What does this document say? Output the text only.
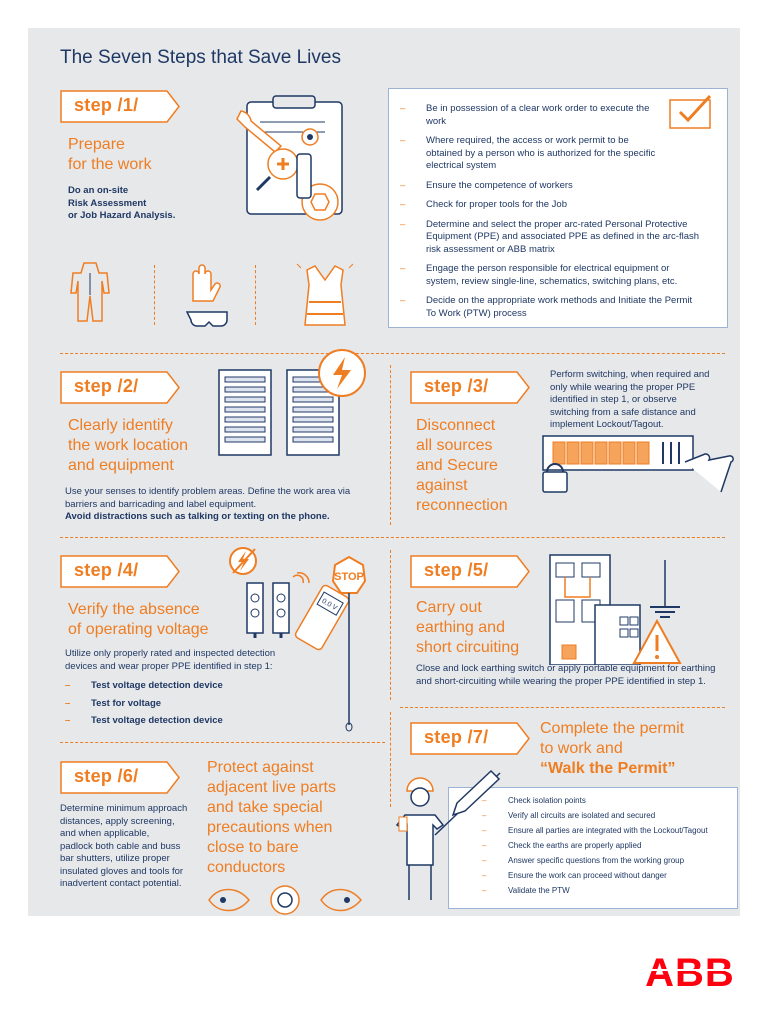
The Seven Steps that Save Lives
step /1/
Prepare
for the work
Do an on-site
Risk Assessment
or Job Hazard Analysis.
– Be in possession of a clear work order to execute the work
– Where required, the access or work permit to be obtained by a person who is authorized for the specific electrical system
– Ensure the competence of workers
– Check for proper tools for the Job
– Determine and select the proper arc-rated Personal Protective Equipment (PPE) and associated PPE as defined in the arc-flash risk assessment or ABB matrix
– Engage the person responsible for electrical equipment or system, review single-line, schematics, switching plans, etc.
– Decide on the appropriate work methods and Initiate the Permit To Work (PTW) process
step /2/
Clearly identify
the work location
and equipment
Use your senses to identify problem areas. Define the work area via barriers and barricading and label equipment.
Avoid distractions such as talking or texting on the phone.
step /3/
Perform switching, when required and only while wearing the proper PPE identified in step 1, or observe switching from a safe distance and implement Lockout/Tagout.
Disconnect
all sources
and Secure
against
reconnection
step /4/
Verify the absence
of operating voltage
Utilize only properly rated and inspected detection devices and wear proper PPE identified in step 1:
– Test voltage detection device
– Test for voltage
– Test voltage detection device
0.0 V
STOP	step /5/
Carry out
earthing and
short circuiting
Close and lock earthing switch or apply portable equipment for earthing and short-circuiting while wearing the proper PPE identified in step 1.
step /6/
Determine minimum approach
distances, apply screening,
and when applicable,
padlock both cable and buss
bar shutters, utilize proper
insulated gloves and tools for
inadvertent contact potential.
Protect against
adjacent live parts
and take special
precautions when
close to bare
conductors
step /7/	Complete the permit
to work and
“Walk the Permit”
– Check isolation points
– Verify all circuits are isolated and secured
– Ensure all parties are integrated with the Lockout/Tagout
– Check the earths are properly applied
– Answer specific questions from the working group
– Ensure the work can proceed without danger
– Validate the PTW
ABB
